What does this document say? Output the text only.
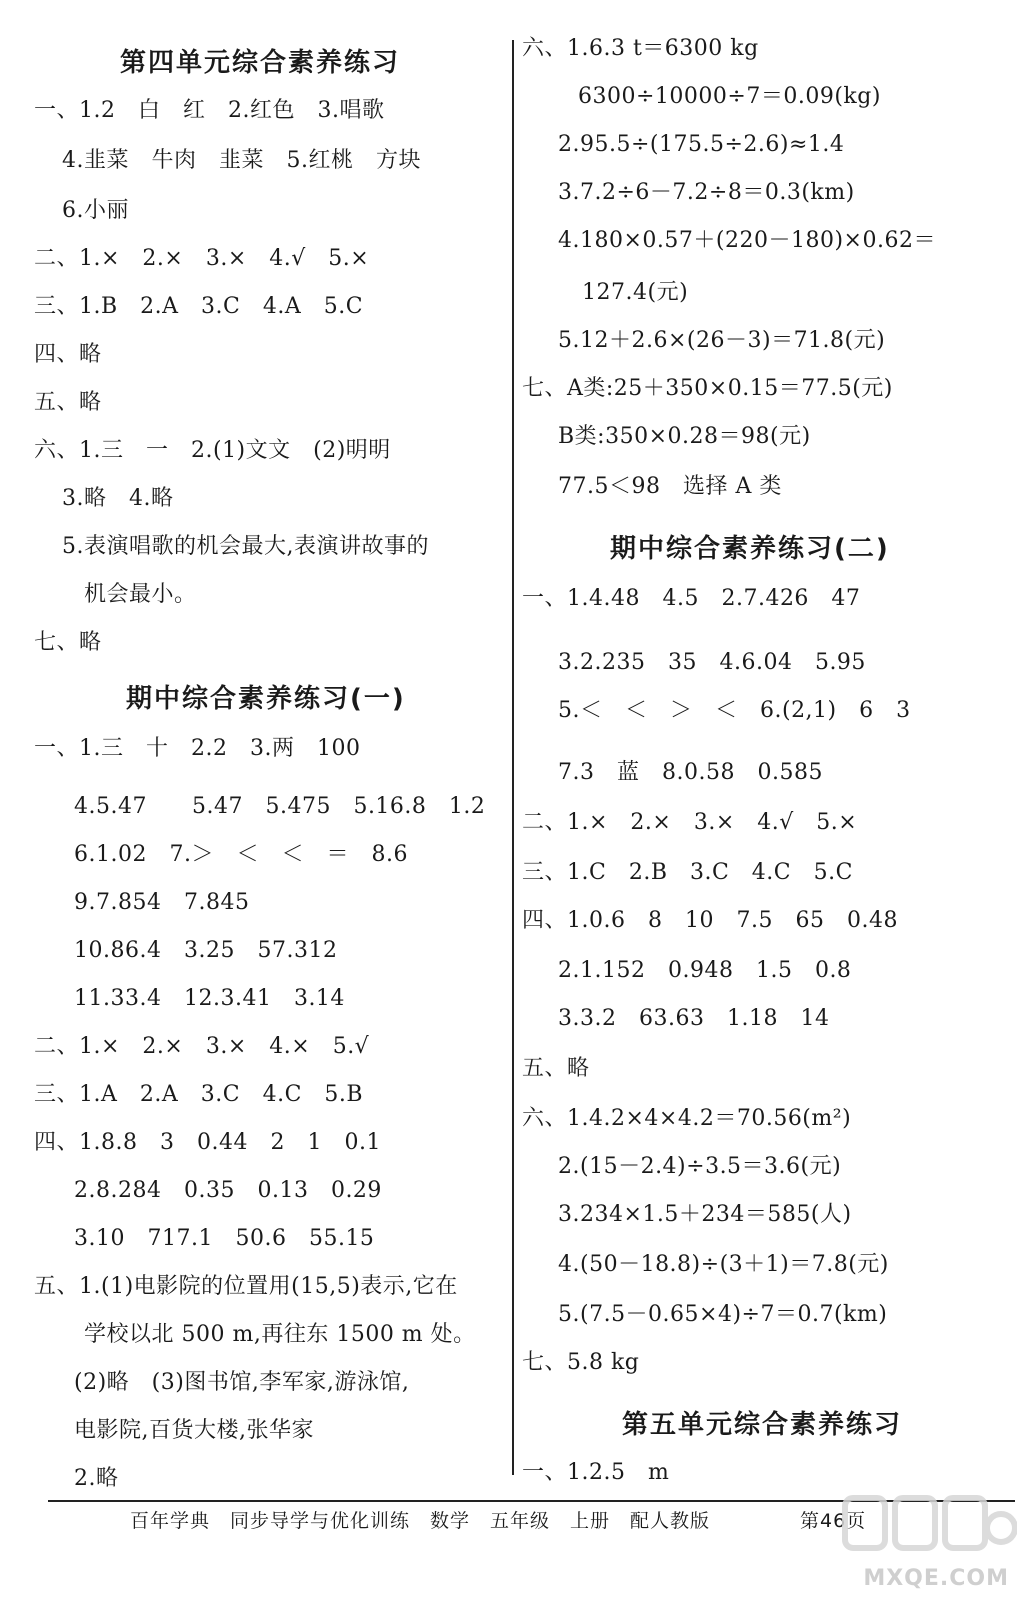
第四单元综合素养练习
一、1.2　白　红　2.红色　3.唱歌
4.韭菜　牛肉　韭菜　5.红桃　方块
6.小丽
二、1.×　2.×　3.×　4.√　5.×
三、1.B　2.A　3.C　4.A　5.C
四、略
五、略
六、1.三　一　2.(1)文文　(2)明明
3.略　4.略
5.表演唱歌的机会最大,表演讲故事的
机会最小。
七、略
期中综合素养练习(一)
一、1.三　十　2.2　3.两　100
4.5.47　　5.47　5.475　5.16.8　1.2
6.1.02　7.＞　＜　＜　＝　8.6
9.7.854　7.845
10.86.4　3.25　57.312
11.33.4　12.3.41　3.14
二、1.×　2.×　3.×　4.×　5.√
三、1.A　2.A　3.C　4.C　5.B
四、1.8.8　3　0.44　2　1　0.1
2.8.284　0.35　0.13　0.29
3.10　717.1　50.6　55.15
五、1.(1)电影院的位置用(15,5)表示,它在
学校以北 500 m,再往东 1500 m 处。
(2)略　(3)图书馆,李军家,游泳馆,
电影院,百货大楼,张华家
2.略
六、1.6.3 t＝6300 kg
6300÷10000÷7＝0.09(kg)
2.95.5÷(175.5÷2.6)≈1.4
3.7.2÷6－7.2÷8＝0.3(km)
4.180×0.57＋(220－180)×0.62＝
127.4(元)
5.12＋2.6×(26－3)＝71.8(元)
七、A类:25＋350×0.15＝77.5(元)
B类:350×0.28＝98(元)
77.5＜98　选择 A 类
期中综合素养练习(二)
一、1.4.48　4.5　2.7.426　47
3.2.235　35　4.6.04　5.95
5.＜　＜　＞　＜　6.(2,1)　6　3
7.3　蓝　8.0.58　0.585
二、1.×　2.×　3.×　4.√　5.×
三、1.C　2.B　3.C　4.C　5.C
四、1.0.6　8　10　7.5　65　0.48
2.1.152　0.948　1.5　0.8
3.3.2　63.63　1.18　14
五、略
六、1.4.2×4×4.2＝70.56(m²)
2.(15－2.4)÷3.5＝3.6(元)
3.234×1.5＋234＝585(人)
4.(50－18.8)÷(3＋1)＝7.8(元)
5.(7.5－0.65×4)÷7＝0.7(km)
七、5.8 kg
第五单元综合素养练习
一、1.2.5　m
百年学典　同步导学与优化训练　数学　五年级　上册　配人教版	第46页
MXQE.COM
